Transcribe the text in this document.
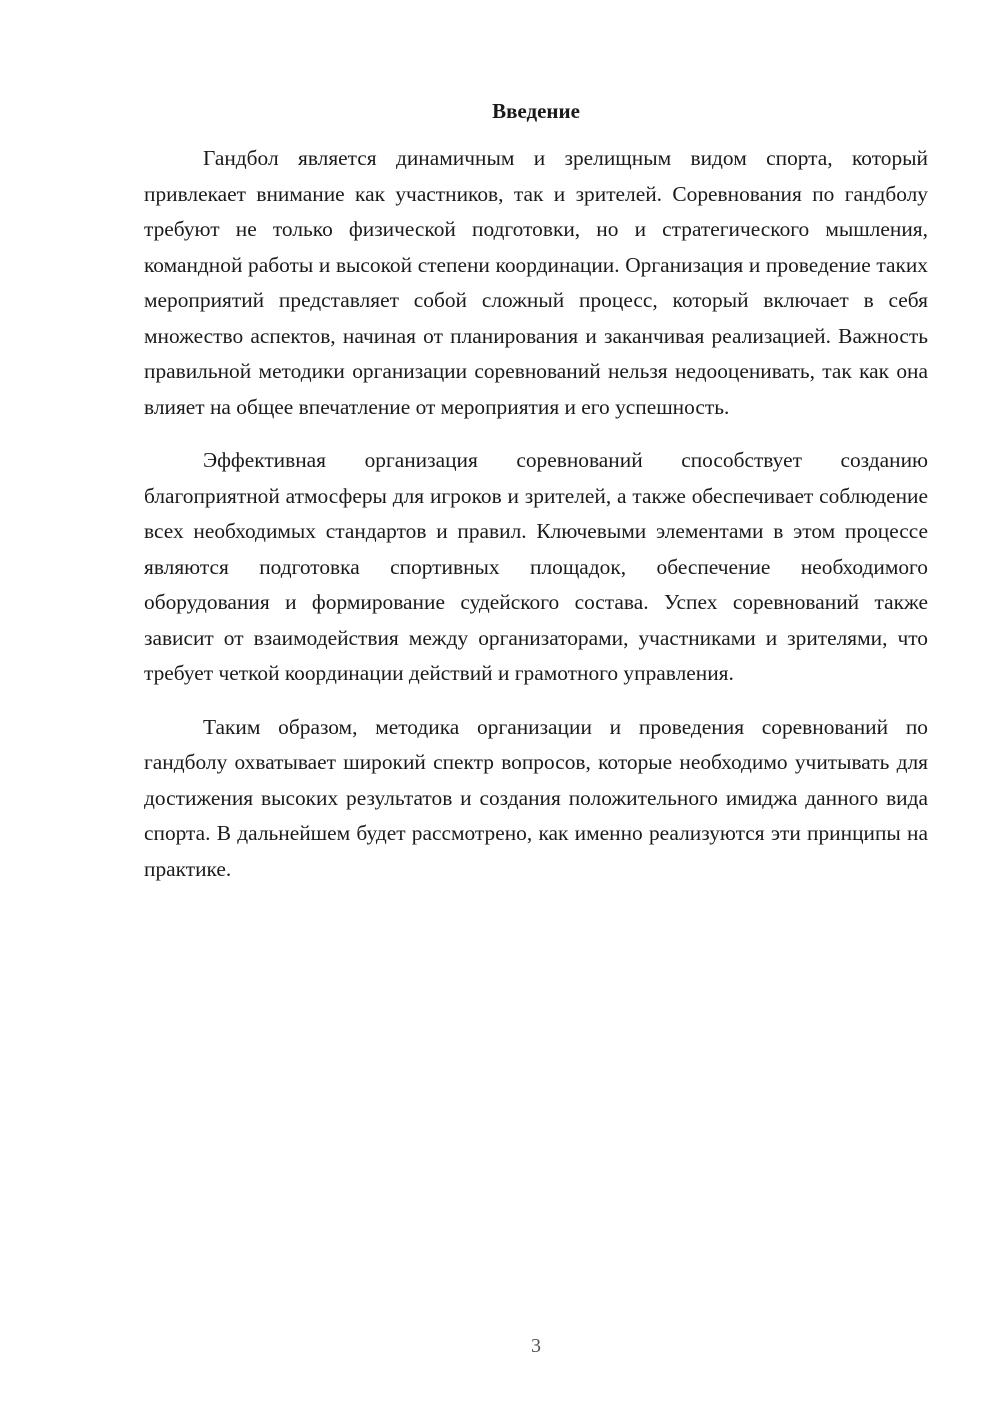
Введение

Гандбол является динамичным и зрелищным видом спорта, который привлекает внимание как участников, так и зрителей. Соревнования по гандболу требуют не только физической подготовки, но и стратегического мышления, командной работы и высокой степени координации. Организация и проведение таких мероприятий представляет собой сложный процесс, который включает в себя множество аспектов, начиная от планирования и заканчивая реализацией. Важность правильной методики организации соревнований нельзя недооценивать, так как она влияет на общее впечатление от мероприятия и его успешность.

Эффективная организация соревнований способствует созданию благоприятной атмосферы для игроков и зрителей, а также обеспечивает соблюдение всех необходимых стандартов и правил. Ключевыми элементами в этом процессе являются подготовка спортивных площадок, обеспечение необходимого оборудования и формирование судейского состава. Успех соревнований также зависит от взаимодействия между организаторами, участниками и зрителями, что требует четкой координации действий и грамотного управления.

Таким образом, методика организации и проведения соревнований по гандболу охватывает широкий спектр вопросов, которые необходимо учитывать для достижения высоких результатов и создания положительного имиджа данного вида спорта. В дальнейшем будет рассмотрено, как именно реализуются эти принципы на практике.

3
